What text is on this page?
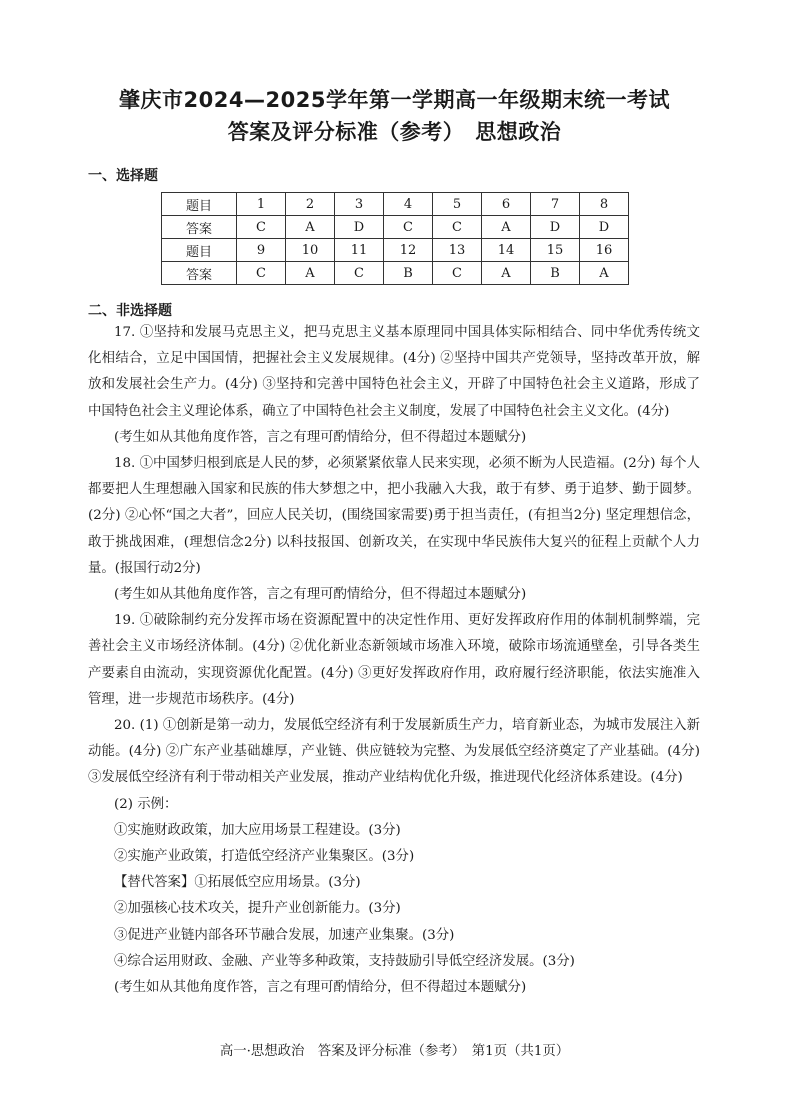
肇庆市2024—2025学年第一学期高一年级期末统一考试
答案及评分标准（参考）　思想政治
一、选择题
题目	1	2	3	4	5	6	7	8
答案	C	A	D	C	C	A	D	D
题目	9	10	11	12	13	14	15	16
答案	C	A	C	B	C	A	B	A
二、非选择题

17. ①坚持和发展马克思主义，把马克思主义基本原理同中国具体实际相结合、同中华优秀传统文化相结合，立足中国国情，把握社会主义发展规律。(4分) ②坚持中国共产党领导，坚持改革开放，解放和发展社会生产力。(4分) ③坚持和完善中国特色社会主义，开辟了中国特色社会主义道路，形成了中国特色社会主义理论体系，确立了中国特色社会主义制度，发展了中国特色社会主义文化。(4分)

(考生如从其他角度作答，言之有理可酌情给分，但不得超过本题赋分)

18. ①中国梦归根到底是人民的梦，必须紧紧依靠人民来实现，必须不断为人民造福。(2分) 每个人都要把人生理想融入国家和民族的伟大梦想之中，把小我融入大我，敢于有梦、勇于追梦、勤于圆梦。(2分) ②心怀“国之大者”，回应人民关切，(围绕国家需要)勇于担当责任，(有担当2分) 坚定理想信念，敢于挑战困难，(理想信念2分) 以科技报国、创新攻关，在实现中华民族伟大复兴的征程上贡献个人力量。(报国行动2分)

(考生如从其他角度作答，言之有理可酌情给分，但不得超过本题赋分)

19. ①破除制约充分发挥市场在资源配置中的决定性作用、更好发挥政府作用的体制机制弊端，完善社会主义市场经济体制。(4分) ②优化新业态新领域市场准入环境，破除市场流通壁垒，引导各类生产要素自由流动，实现资源优化配置。(4分) ③更好发挥政府作用，政府履行经济职能，依法实施准入管理，进一步规范市场秩序。(4分)

20. (1) ①创新是第一动力，发展低空经济有利于发展新质生产力，培育新业态，为城市发展注入新动能。(4分) ②广东产业基础雄厚，产业链、供应链较为完整、为发展低空经济奠定了产业基础。(4分) ③发展低空经济有利于带动相关产业发展，推动产业结构优化升级，推进现代化经济体系建设。(4分)

(2) 示例：

①实施财政政策，加大应用场景工程建设。(3分)

②实施产业政策，打造低空经济产业集聚区。(3分)

【替代答案】①拓展低空应用场景。(3分)

②加强核心技术攻关，提升产业创新能力。(3分)

③促进产业链内部各环节融合发展，加速产业集聚。(3分)

④综合运用财政、金融、产业等多种政策，支持鼓励引导低空经济发展。(3分)

(考生如从其他角度作答，言之有理可酌情给分，但不得超过本题赋分)

高一·思想政治　答案及评分标准（参考）　第1页（共1页）
